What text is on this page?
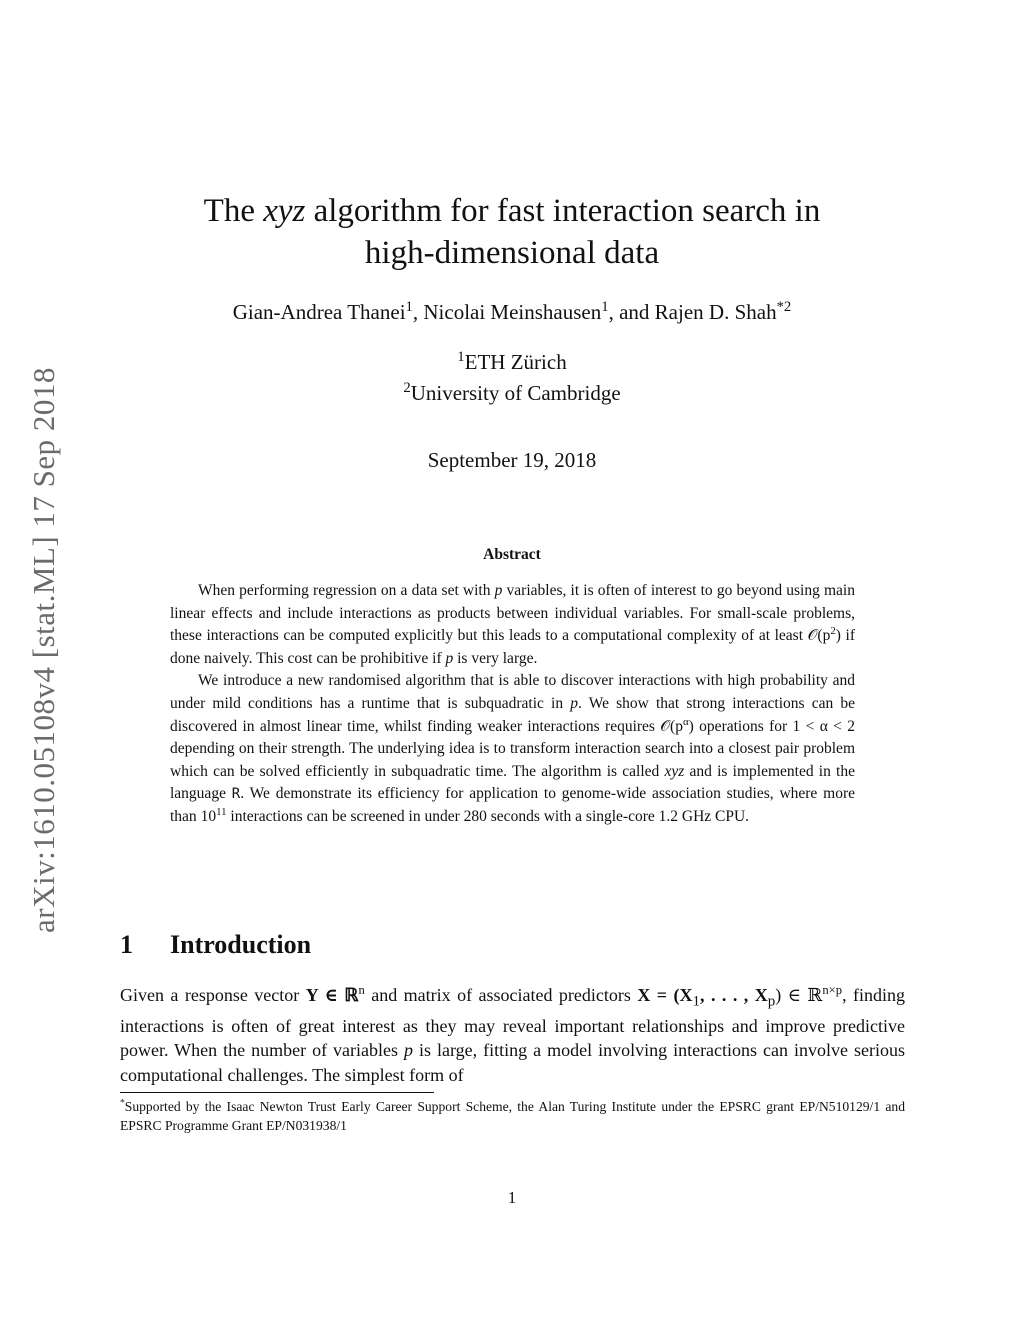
arXiv:1610.05108v4 [stat.ML] 17 Sep 2018
The xyz algorithm for fast interaction search in
high-dimensional data
Gian-Andrea Thanei$^1$, Nicolai Meinshausen$^1$, and Rajen D. Shah$^{*2}$
$^1$ETH Zürich
$^2$University of Cambridge
September 19, 2018
Abstract

When performing regression on a data set with p variables, it is often of interest to go beyond using main linear effects and include interactions as products between individual variables. For small-scale problems, these interactions can be computed explicitly but this leads to a computational complexity of at least $𝒪(p^2)$ if done naively. This cost can be prohibitive if p is very large.

We introduce a new randomised algorithm that is able to discover interactions with high probability and under mild conditions has a runtime that is subquadratic in p. We show that strong interactions can be discovered in almost linear time, whilst finding weaker interactions requires $𝒪(p^\alpha)$ operations for 1 < α < 2 depending on their strength. The underlying idea is to transform interaction search into a closest pair problem which can be solved efficiently in subquadratic time. The algorithm is called xyz and is implemented in the language R. We demonstrate its efficiency for application to genome-wide association studies, where more than $10^{11}$ interactions can be screened in under 280 seconds with a single-core 1.2 GHz CPU.

1 Introduction

Given a response vector Y ∈ ℝ$^n$ and matrix of associated predictors $X = (X_1$, . . . , $X_p$) ∈ ℝ$^{n\times p}$, finding interactions is often of great interest as they may reveal important relationships and improve predictive power. When the number of variables p is large, fitting a model involving interactions can involve serious computational challenges. The simplest form of

*Supported by the Isaac Newton Trust Early Career Support Scheme, the Alan Turing Institute under the EPSRC grant EP/N510129/1 and EPSRC Programme Grant EP/N031938/1

1
